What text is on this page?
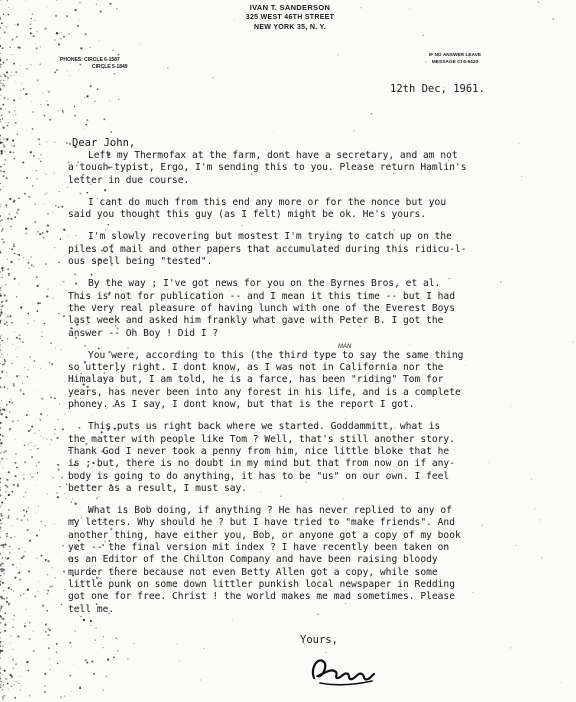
IVAN T. SANDERSON
325 WEST 46TH STREET
NEW YORK 35, N. Y.
PHONES: CIRCLE 6-1587
CIRCLE 5-1849
IF NO ANSWER LEAVE
MESSAGE CI 6-9420
12th Dec, 1961.
Dear John,

Left my Thermofax at the farm, dont have a secretary, and am not
a touch-typist, Ergo, I'm sending this to you. Please return Hamlin's
letter in due course.

I cant do much from this end any more or for the nonce but you
said you thought this guy (as I felt) might be ok. He's yours.

I'm slowly recovering but mostest I'm trying to catch up on the
piles of mail and other papers that accumulated during this ridicu-l-
ous spell being "tested".

By the way ; I've got news for you on the Byrnes Bros, et al.
This is not for publication -- and I mean it this time -- but I had
the very real pleasure of having lunch with one of the Everest Boys
last week and asked him frankly what gave with Peter B. I got the
answer -- Oh Boy ! Did I ?

You were, according to this (the third type to say the same thing
so utterly right. I dont know, as I was not in California nor the
Himalaya but, I am told, he is a farce, has been "riding" Tom for
years, has never been into any forest in his life, and is a complete
phoney. As I say, I dont know, but that is the report I got.
MAN

This puts us right back where we started. Goddammitt, what is
the matter with people like Tom ? Well, that's still another story.
Thank God I never took a penny from him, nice little bloke that he
is ; but, there is no doubt in my mind but that from now on if any-
body is going to do anything, it has to be "us" on our own. I feel
better as a result, I must say.

What is Bob doing, if anything ? He has never replied to any of
my letters. Why should he ? but I have tried to "make friends". And
another thing, have either you, Bob, or anyone got a copy of my book
yet -- the final version mit index ? I have recently been taken on
as an Editor of the Chilton Company and have been raising bloody
murder there because not even Betty Allen got a copy, while some
little punk on some down littler punkish local newspaper in Redding
got one for free. Christ ! the world makes me mad sometimes. Please
tell me.

Yours,
